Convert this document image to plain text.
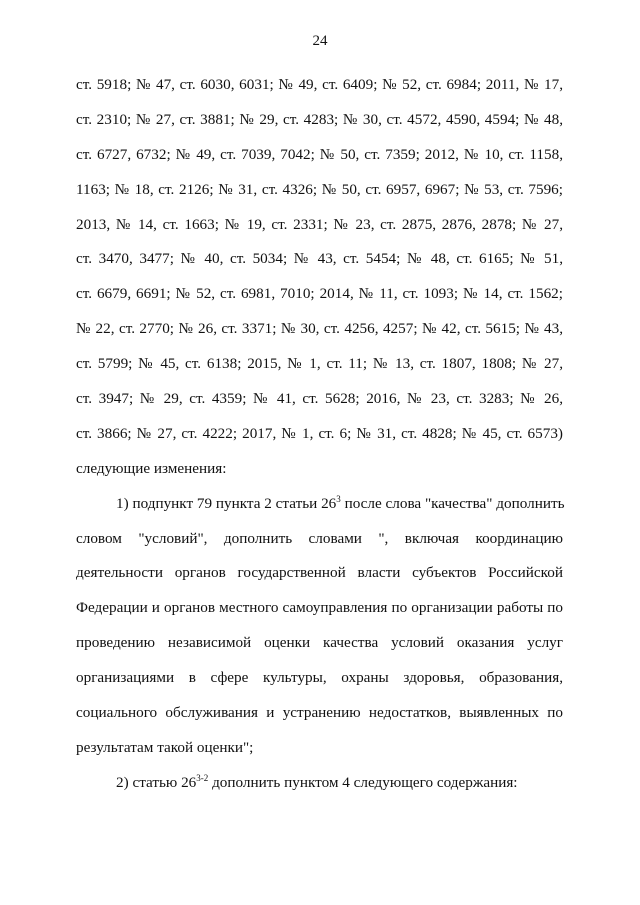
24
ст. 5918; № 47, ст. 6030, 6031; № 49, ст. 6409; № 52, ст. 6984; 2011, № 17,
ст. 2310; № 27, ст. 3881; № 29, ст. 4283; № 30, ст. 4572, 4590, 4594; № 48,
ст. 6727, 6732; № 49, ст. 7039, 7042; № 50, ст. 7359; 2012, № 10, ст. 1158,
1163; № 18, ст. 2126; № 31, ст. 4326; № 50, ст. 6957, 6967; № 53, ст. 7596;
2013, № 14, ст. 1663; № 19, ст. 2331; № 23, ст. 2875, 2876, 2878; № 27,
ст. 3470, 3477; № 40, ст. 5034; № 43, ст. 5454; № 48, ст. 6165; № 51,
ст. 6679, 6691; № 52, ст. 6981, 7010; 2014, № 11, ст. 1093; № 14, ст. 1562;
№ 22, ст. 2770; № 26, ст. 3371; № 30, ст. 4256, 4257; № 42, ст. 5615; № 43,
ст. 5799; № 45, ст. 6138; 2015, № 1, ст. 11; № 13, ст. 1807, 1808; № 27,
ст. 3947; № 29, ст. 4359; № 41, ст. 5628; 2016, № 23, ст. 3283; № 26,
ст. 3866; № 27, ст. 4222; 2017, № 1, ст. 6; № 31, ст. 4828; № 45, ст. 6573)
следующие изменения:
1) подпункт 79 пункта 2 статьи $26^3$ после слова "качества" дополнить
словом "условий", дополнить словами ", включая координацию
деятельности органов государственной власти субъектов Российской
Федерации и органов местного самоуправления по организации работы по
проведению независимой оценки качества условий оказания услуг
организациями в сфере культуры, охраны здоровья, образования,
социального обслуживания и устранению недостатков, выявленных по
результатам такой оценки";
2) статью 26$^{3-2}$ дополнить пунктом 4 следующего содержания:
